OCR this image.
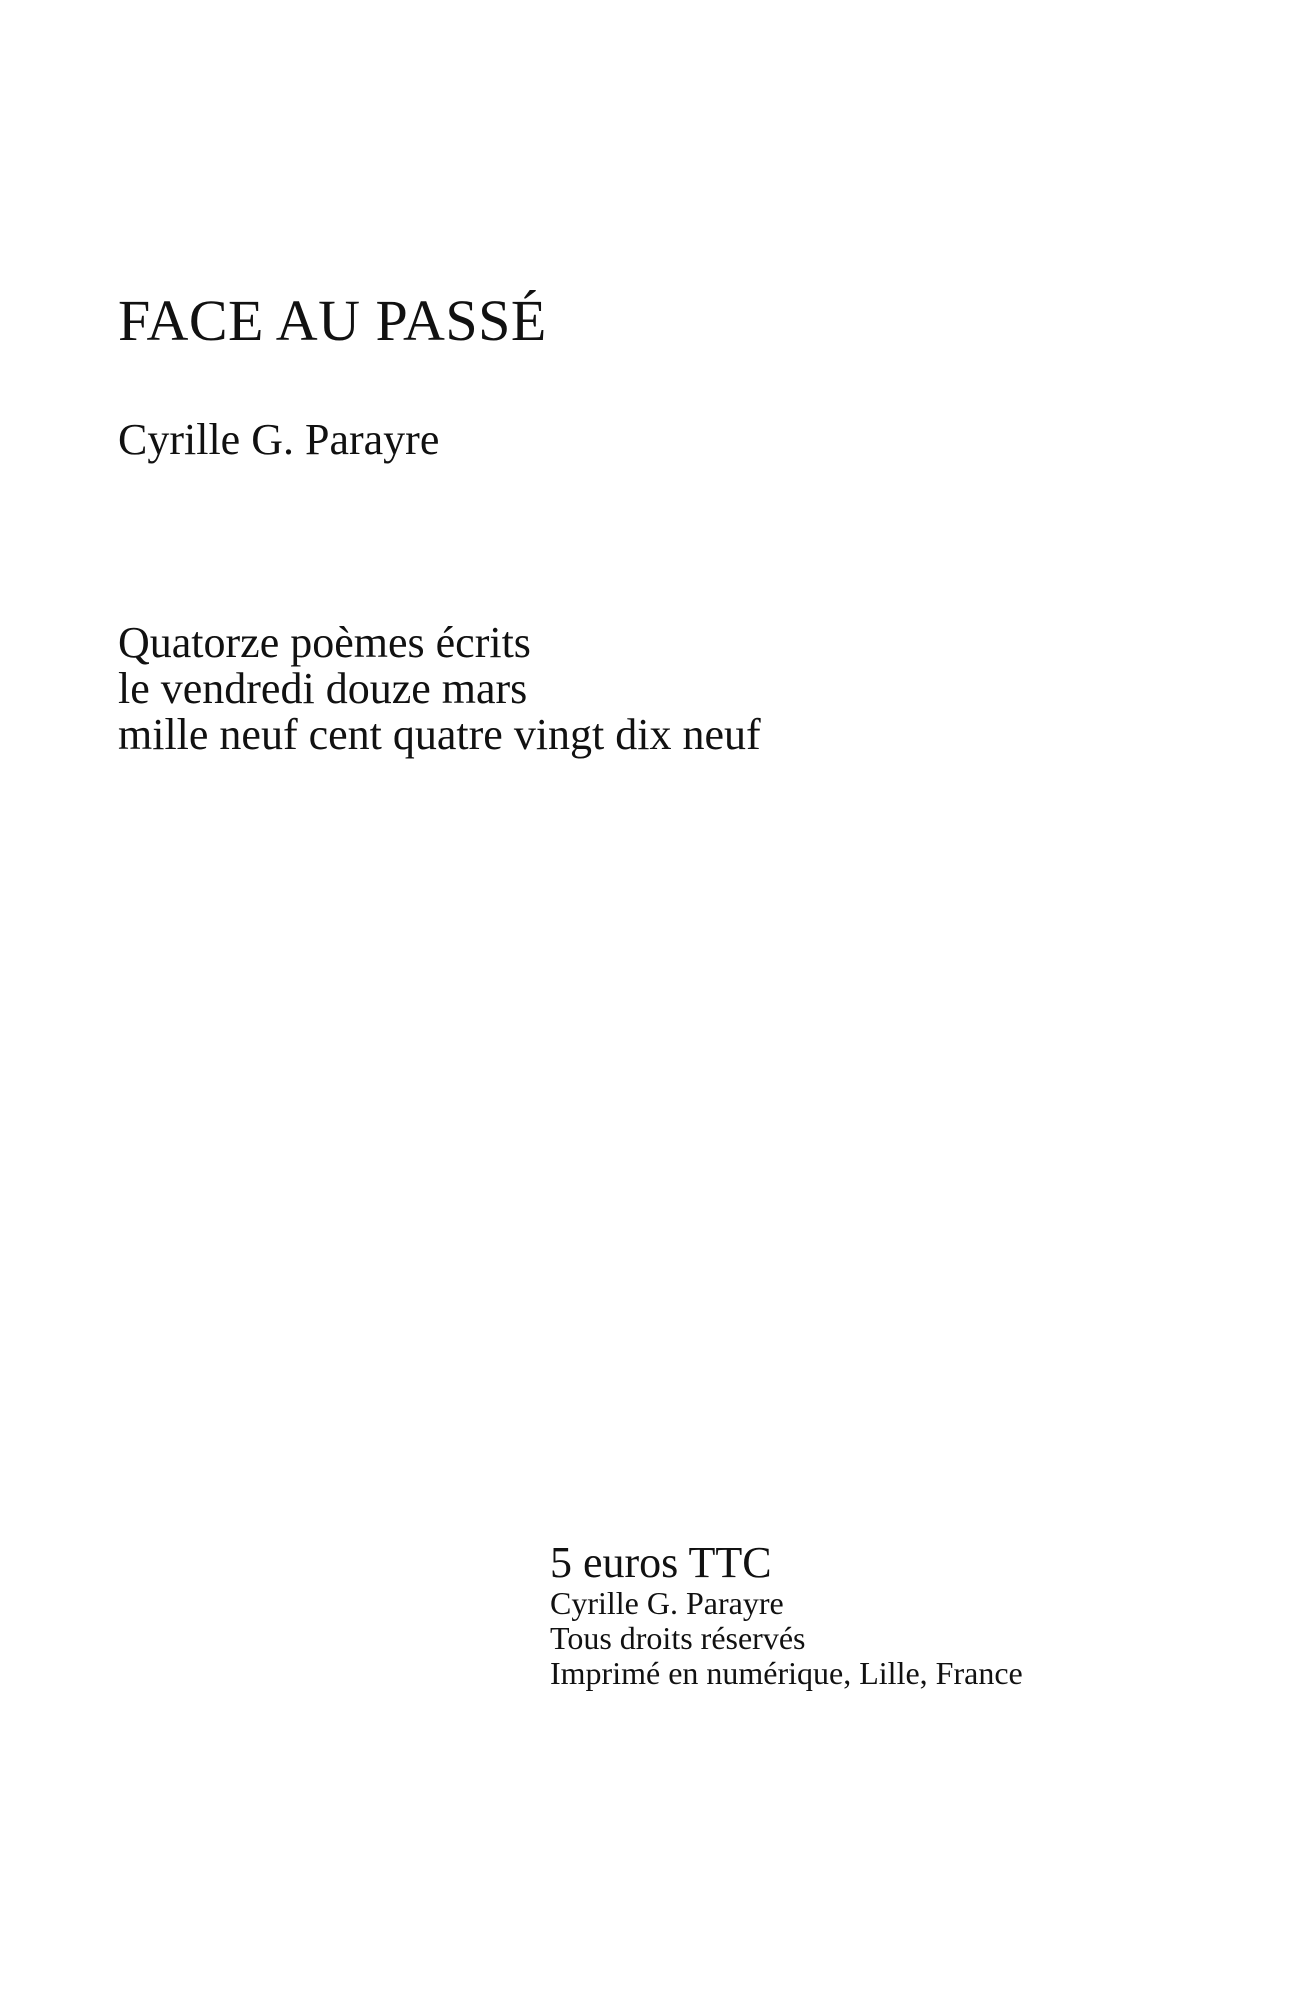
FACE AU PASSÉ
Cyrille G. Parayre

Quatorze poèmes écrits
le vendredi douze mars
mille neuf cent quatre vingt dix neuf

5 euros TTC
Cyrille G. Parayre
Tous droits réservés
Imprimé en numérique, Lille, France
